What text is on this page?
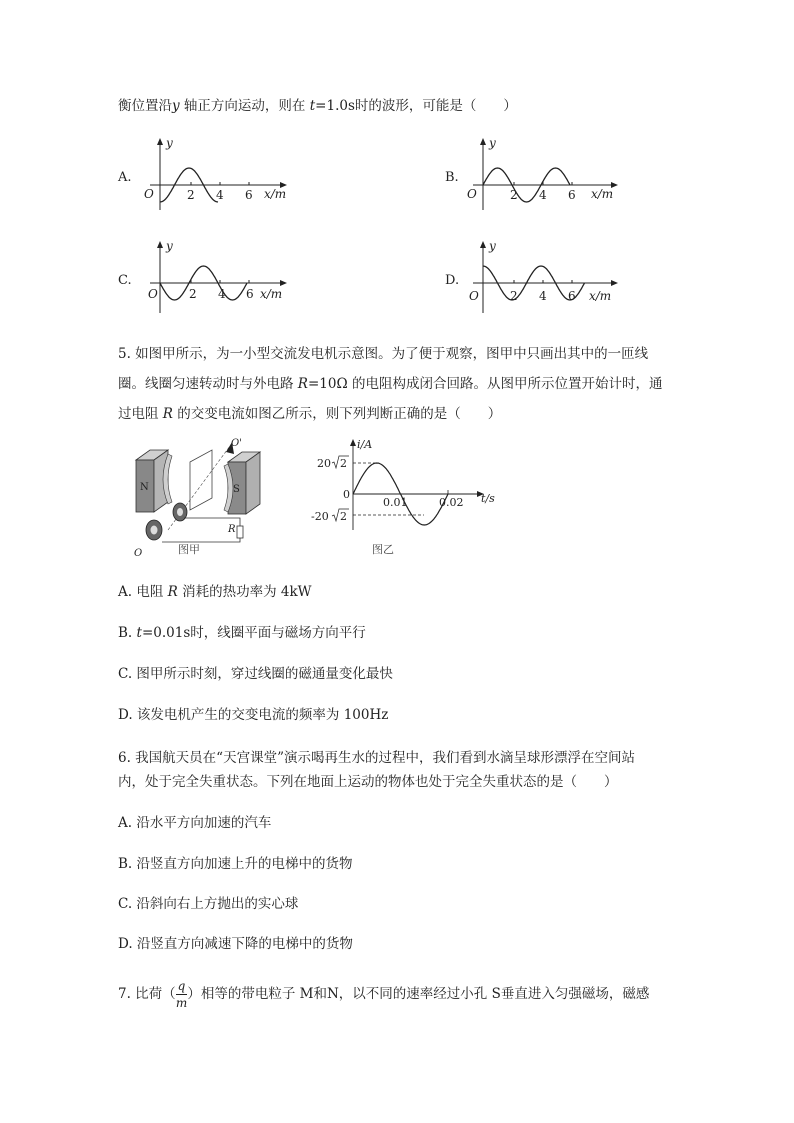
衡位置沿y 轴正方向运动，则在 t=1.0s时的波形，可能是（　　）
A.
y
O	2 4 6 x/m
B.
y
O	2 4 6 x/m
C.
y
O	2 4 6 x/m
D.
y
O	2 4 6 x/m
5. 如图甲所示，为一小型交流发电机示意图。为了便于观察，图甲中只画出其中的一匝线
圈。线圈匀速转动时与外电路 R=10Ω 的电阻构成闭合回路。从图甲所示位置开始计时，通
过电阻 R 的交变电流如图乙所示，则下列判断正确的是（　　）
N	S
O'
R
O	图甲
i/A
t/s
0
20 2
-20 2
0.01	0.02
图乙
A. 电阻 R 消耗的热功率为 4kW
B. t=0.01s时，线圈平面与磁场方向平行
C. 图甲所示时刻，穿过线圈的磁通量变化最快
D. 该发电机产生的交变电流的频率为 100Hz
6. 我国航天员在“天宫课堂”演示喝再生水的过程中，我们看到水滴呈球形漂浮在空间站
内，处于完全失重状态。下列在地面上运动的物体也处于完全失重状态的是（　　）
A. 沿水平方向加速的汽车
B. 沿竖直方向加速上升的电梯中的货物
C. 沿斜向右上方抛出的实心球
D. 沿竖直方向减速下降的电梯中的货物
7. 比荷（ $\frac{q}{m}$ ）相等的带电粒子 M和N，以不同的速率经过小孔 S垂直进入匀强磁场，磁感
